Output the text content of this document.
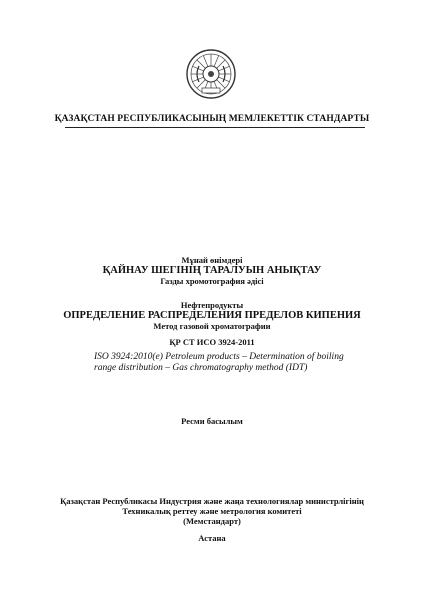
ҚАЗАҚСТАН РЕСПУБЛИКАСЫНЫҢ МЕМЛЕКЕТТІК СТАНДАРТЫ
Мұнай өнімдері
ҚАЙНАУ ШЕГІНІҢ ТАРАЛУЫН АНЫҚТАУ
Газды хромотография әдісі
Нефтепродукты
ОПРЕДЕЛЕНИЕ РАСПРЕДЕЛЕНИЯ ПРЕДЕЛОВ КИПЕНИЯ
Метод газовой хроматографии
ҚР СТ ИСО 3924-2011
ISO 3924:2010(e) Petroleum products – Determination of boiling
range distribution – Gas chromatography method (IDT)
Ресми басылым
Қазақстан Республикасы Индустрия және жаңа технологиялар министрлігінің
Техникалық реттеу және метрология комитеті
(Мемстандарт)
Астана
